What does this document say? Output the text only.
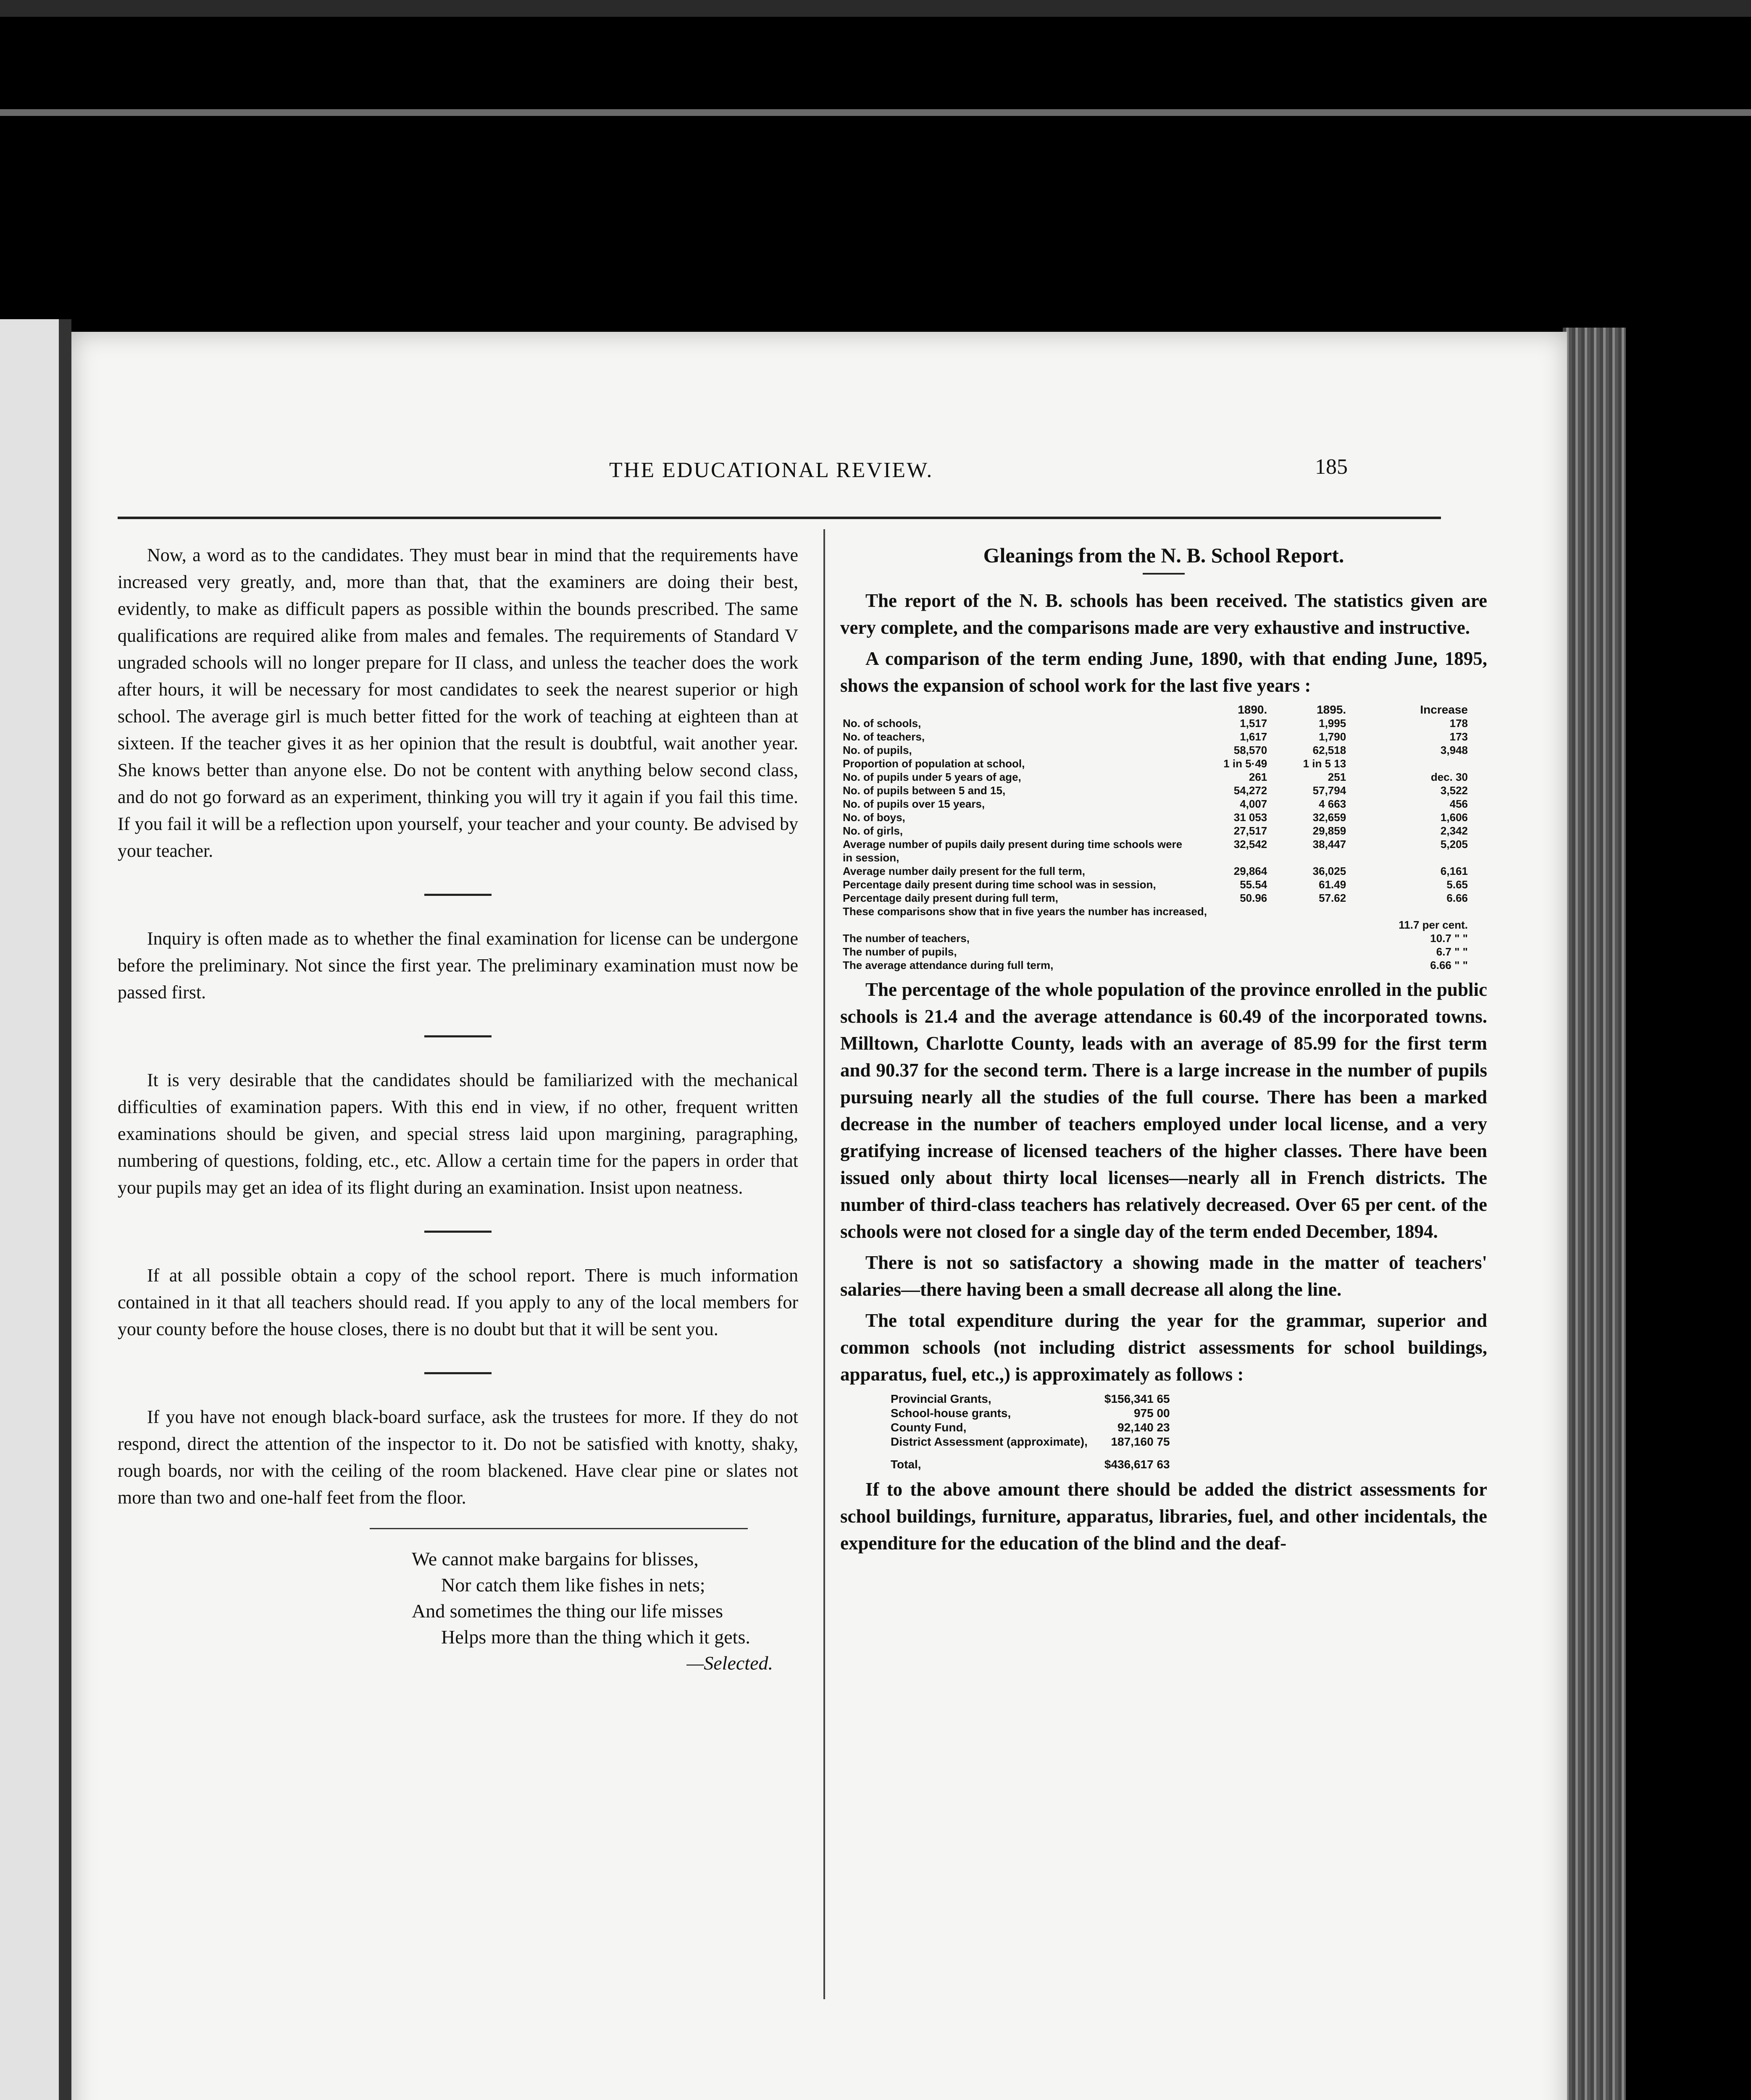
THE EDUCATIONAL REVIEW.	185

Now, a word as to the candidates. They must bear in mind that the requirements have increased very greatly, and, more than that, that the examiners are doing their best, evidently, to make as difficult papers as possible within the bounds prescribed. The same qualifications are required alike from males and females. The requirements of Standard V ungraded schools will no longer prepare for II class, and unless the teacher does the work after hours, it will be necessary for most candidates to seek the nearest superior or high school. The average girl is much better fitted for the work of teaching at eighteen than at sixteen. If the teacher gives it as her opinion that the result is doubtful, wait another year. She knows better than anyone else. Do not be content with anything below second class, and do not go forward as an experiment, thinking you will try it again if you fail this time. If you fail it will be a reflection upon yourself, your teacher and your county. Be advised by your teacher.

Inquiry is often made as to whether the final examination for license can be undergone before the preliminary. Not since the first year. The preliminary examination must now be passed first.

It is very desirable that the candidates should be familiarized with the mechanical difficulties of examination papers. With this end in view, if no other, frequent written examinations should be given, and special stress laid upon margining, paragraphing, numbering of questions, folding, etc., etc. Allow a certain time for the papers in order that your pupils may get an idea of its flight during an examination. Insist upon neatness.

If at all possible obtain a copy of the school report. There is much information contained in it that all teachers should read. If you apply to any of the local members for your county before the house closes, there is no doubt but that it will be sent you.

If you have not enough black-board surface, ask the trustees for more. If they do not respond, direct the attention of the inspector to it. Do not be satisfied with knotty, shaky, rough boards, nor with the ceiling of the room blackened. Have clear pine or slates not more than two and one-half feet from the floor.

We cannot make bargains for blisses,
Nor catch them like fishes in nets;
And sometimes the thing our life misses
Helps more than the thing which it gets.
—Selected.
Gleanings from the N. B. School Report.

The report of the N. B. schools has been received. The statistics given are very complete, and the comparisons made are very exhaustive and instructive.

A comparison of the term ending June, 1890, with that ending June, 1895, shows the expansion of school work for the last five years :

	1890.	1895.	Increase
No. of schools,	1,517	1,995	178
No. of teachers,	1,617	1,790	173
No. of pupils,	58,570	62,518	3,948
Proportion of population at school,	1 in 5·49	1 in 5 13	
No. of pupils under 5 years of age,	261	251	dec. 30
No. of pupils between 5 and 15,	54,272	57,794	3,522
No. of pupils over 15 years,	4,007	4 663	456
No. of boys,	31 053	32,659	1,606
No. of girls,	27,517	29,859	2,342
Average number of pupils daily present during time schools were in session,	32,542	38,447	5,205
Average number daily present for the full term,	29,864	36,025	6,161
Percentage daily present during time school was in session,	55.54	61.49	5.65
Percentage daily present during full term,	50.96	57.62	6.66
These comparisons show that in five years the number has increased,			
			11.7 per cent.
The number of teachers,			10.7 " "
The number of pupils,			6.7 " "
The average attendance during full term,			6.66 " "

The percentage of the whole population of the province enrolled in the public schools is 21.4 and the average attendance is 60.49 of the incorporated towns. Milltown, Charlotte County, leads with an average of 85.99 for the first term and 90.37 for the second term. There is a large increase in the number of pupils pursuing nearly all the studies of the full course. There has been a marked decrease in the number of teachers employed under local license, and a very gratifying increase of licensed teachers of the higher classes. There have been issued only about thirty local licenses—nearly all in French districts. The number of third-class teachers has relatively decreased. Over 65 per cent. of the schools were not closed for a single day of the term ended December, 1894.

There is not so satisfactory a showing made in the matter of teachers' salaries—there having been a small decrease all along the line.

The total expenditure during the year for the grammar, superior and common schools (not including district assessments for school buildings, apparatus, fuel, etc.,) is approximately as follows :

Provincial Grants,	$156,341 65
School-house grants,	975 00
County Fund,	92,140 23
District Assessment (approximate),	187,160 75
Total,	$436,617 63

If to the above amount there should be added the district assessments for school buildings, furniture, apparatus, libraries, fuel, and other incidentals, the expenditure for the education of the blind and the deaf-
